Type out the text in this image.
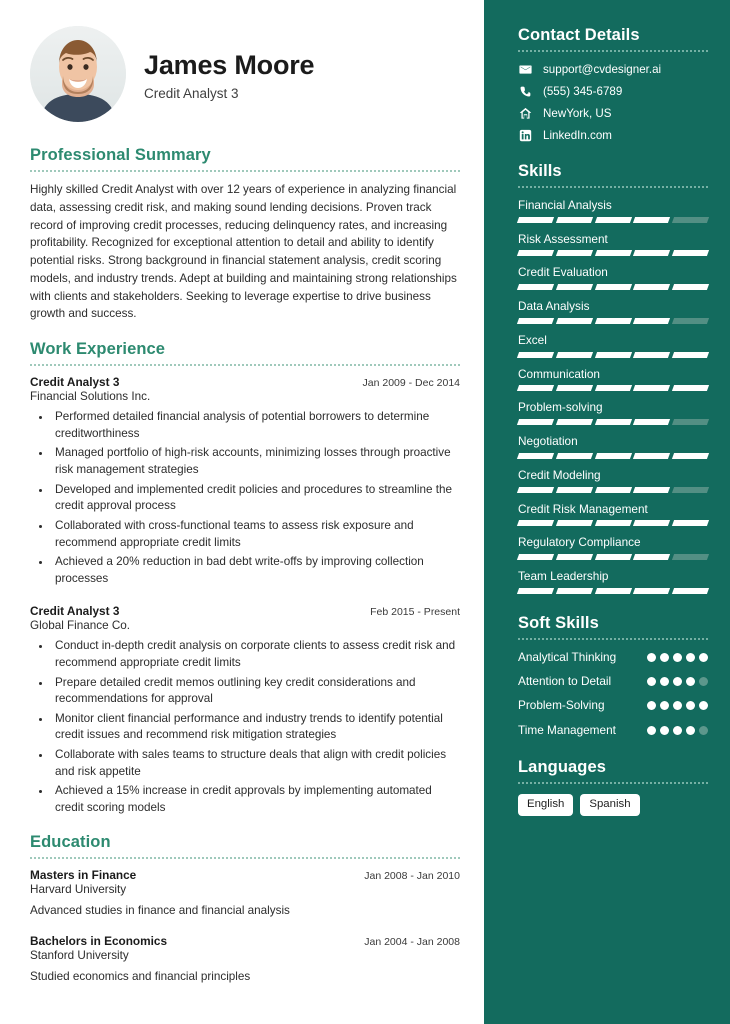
James Moore
Credit Analyst 3
Professional Summary
Highly skilled Credit Analyst with over 12 years of experience in analyzing financial data, assessing credit risk, and making sound lending decisions. Proven track record of improving credit processes, reducing delinquency rates, and increasing profitability. Recognized for exceptional attention to detail and ability to identify potential risks. Strong background in financial statement analysis, credit scoring models, and industry trends. Adept at building and maintaining strong relationships with clients and stakeholders. Seeking to leverage expertise to drive business growth and success.
Work Experience
Credit Analyst 3	Jan 2009 - Dec 2014
Financial Solutions Inc.
• Performed detailed financial analysis of potential borrowers to determine creditworthiness
• Managed portfolio of high-risk accounts, minimizing losses through proactive risk management strategies
• Developed and implemented credit policies and procedures to streamline the credit approval process
• Collaborated with cross-functional teams to assess risk exposure and recommend appropriate credit limits
• Achieved a 20% reduction in bad debt write-offs by improving collection processes
Credit Analyst 3	Feb 2015 - Present
Global Finance Co.
• Conduct in-depth credit analysis on corporate clients to assess credit risk and recommend appropriate credit limits
• Prepare detailed credit memos outlining key credit considerations and recommendations for approval
• Monitor client financial performance and industry trends to identify potential credit issues and recommend risk mitigation strategies
• Collaborate with sales teams to structure deals that align with credit policies and risk appetite
• Achieved a 15% increase in credit approvals by implementing automated credit scoring models
Education
Masters in Finance	Jan 2008 - Jan 2010
Harvard University
Advanced studies in finance and financial analysis
Bachelors in Economics	Jan 2004 - Jan 2008
Stanford University
Studied economics and financial principles
Contact Details
support@cvdesigner.ai
(555) 345-6789
NewYork, US
LinkedIn.com
Skills
Financial Analysis
Risk Assessment
Credit Evaluation
Data Analysis
Excel
Communication
Problem-solving
Negotiation
Credit Modeling
Credit Risk Management
Regulatory Compliance
Team Leadership
Soft Skills
Analytical Thinking
Attention to Detail
Problem-Solving
Time Management
Languages
English	Spanish
